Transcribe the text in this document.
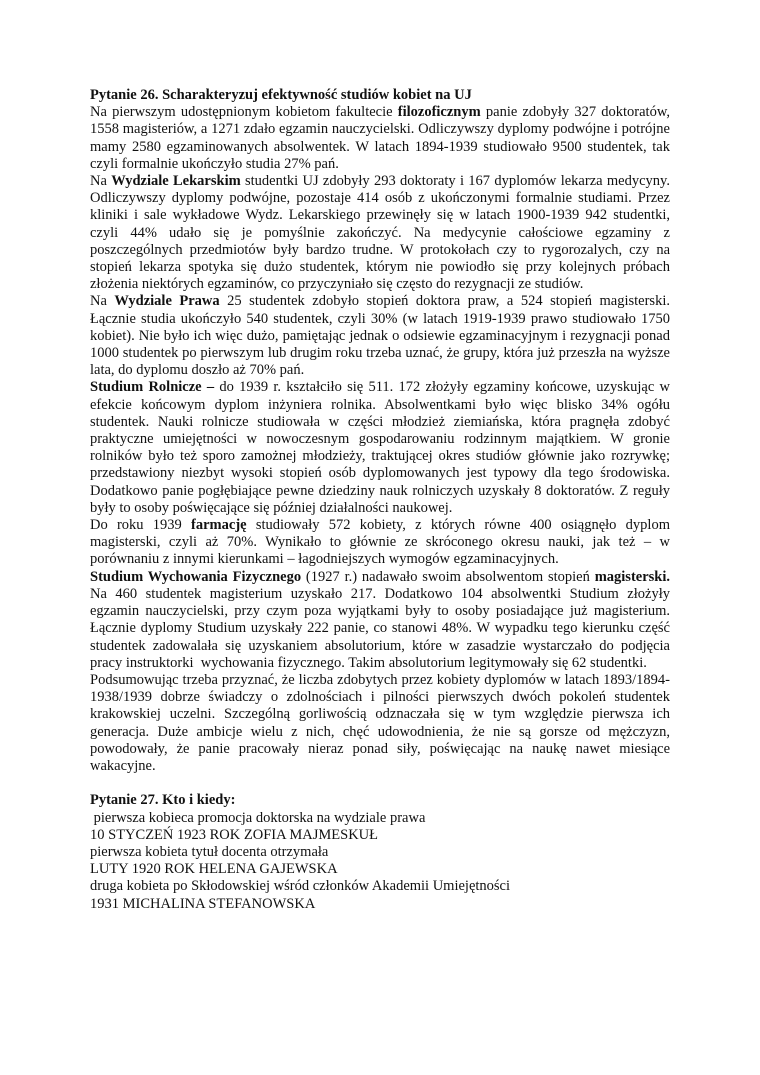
Pytanie 26. Scharakteryzuj efektywność studiów kobiet na UJ

Na pierwszym udostępnionym kobietom fakultecie filozoficznym panie zdobyły 327 doktoratów, 1558 magisteriów, a 1271 zdało egzamin nauczycielski. Odliczywszy dyplomy podwójne i potrójne mamy 2580 egzaminowanych absolwentek. W latach 1894-1939 studiowało 9500 studentek, tak czyli formalnie ukończyło studia 27% pań.

Na Wydziale Lekarskim studentki UJ zdobyły 293 doktoraty i 167 dyplomów lekarza medycyny. Odliczywszy dyplomy podwójne, pozostaje 414 osób z ukończonymi formalnie studiami. Przez kliniki i sale wykładowe Wydz. Lekarskiego przewinęły się w latach 1900-1939 942 studentki, czyli 44% udało się je pomyślnie zakończyć. Na medycynie całościowe egzaminy z poszczególnych przedmiotów były bardzo trudne. W protokołach czy to rygorozalych, czy na stopień lekarza spotyka się dużo studentek, którym nie powiodło się przy kolejnych próbach złożenia niektórych egzaminów, co przyczyniało się często do rezygnacji ze studiów.

Na Wydziale Prawa 25 studentek zdobyło stopień doktora praw, a 524 stopień magisterski. Łącznie studia ukończyło 540 studentek, czyli 30% (w latach 1919-1939 prawo studiowało 1750 kobiet). Nie było ich więc dużo, pamiętając jednak o odsiewie egzaminacyjnym i rezygnacji ponad 1000 studentek po pierwszym lub drugim roku trzeba uznać, że grupy, która już przeszła na wyższe lata, do dyplomu doszło aż 70% pań.

Studium Rolnicze – do 1939 r. kształciło się 511. 172 złożyły egzaminy końcowe, uzyskując w efekcie końcowym dyplom inżyniera rolnika. Absolwentkami było więc blisko 34% ogółu studentek. Nauki rolnicze studiowała w części młodzież ziemiańska, która pragnęła zdobyć praktyczne umiejętności w nowoczesnym gospodarowaniu rodzinnym majątkiem. W gronie rolników było też sporo zamożnej młodzieży, traktującej okres studiów głównie jako rozrywkę; przedstawiony niezbyt wysoki stopień osób dyplomowanych jest typowy dla tego środowiska. Dodatkowo panie pogłębiające pewne dziedziny nauk rolniczych uzyskały 8 doktoratów. Z reguły były to osoby poświęcające się później działalności naukowej.

Do roku 1939 farmację studiowały 572 kobiety, z których równe 400 osiągnęło dyplom magisterski, czyli aż 70%. Wynikało to głównie ze skróconego okresu nauki, jak też – w porównaniu z innymi kierunkami – łagodniejszych wymogów egzaminacyjnych.

Studium Wychowania Fizycznego (1927 r.) nadawało swoim absolwentom stopień magisterski. Na 460 studentek magisterium uzyskało 217. Dodatkowo 104 absolwentki Studium złożyły egzamin nauczycielski, przy czym poza wyjątkami były to osoby posiadające już magisterium. Łącznie dyplomy Studium uzyskały 222 panie, co stanowi 48%. W wypadku tego kierunku część studentek zadowalała się uzyskaniem absolutorium, które w zasadzie wystarczało do podjęcia pracy instruktorki  wychowania fizycznego. Takim absolutorium legitymowały się 62 studentki.

Podsumowując trzeba przyznać, że liczba zdobytych przez kobiety dyplomów w latach 1893/1894-1938/1939 dobrze świadczy o zdolnościach i pilności pierwszych dwóch pokoleń studentek krakowskiej uczelni. Szczególną gorliwością odznaczała się w tym względzie pierwsza ich generacja. Duże ambicje wielu z nich, chęć udowodnienia, że nie są gorsze od mężczyzn, powodowały, że panie pracowały nieraz ponad siły, poświęcając na naukę nawet miesiące wakacyjne.

Pytanie 27. Kto i kiedy:

pierwsza kobieca promocja doktorska na wydziale prawa

10 STYCZEŃ 1923 ROK ZOFIA MAJMESKUŁ

pierwsza kobieta tytuł docenta otrzymała

LUTY 1920 ROK HELENA GAJEWSKA

druga kobieta po Skłodowskiej wśród członków Akademii Umiejętności

1931 MICHALINA STEFANOWSKA
